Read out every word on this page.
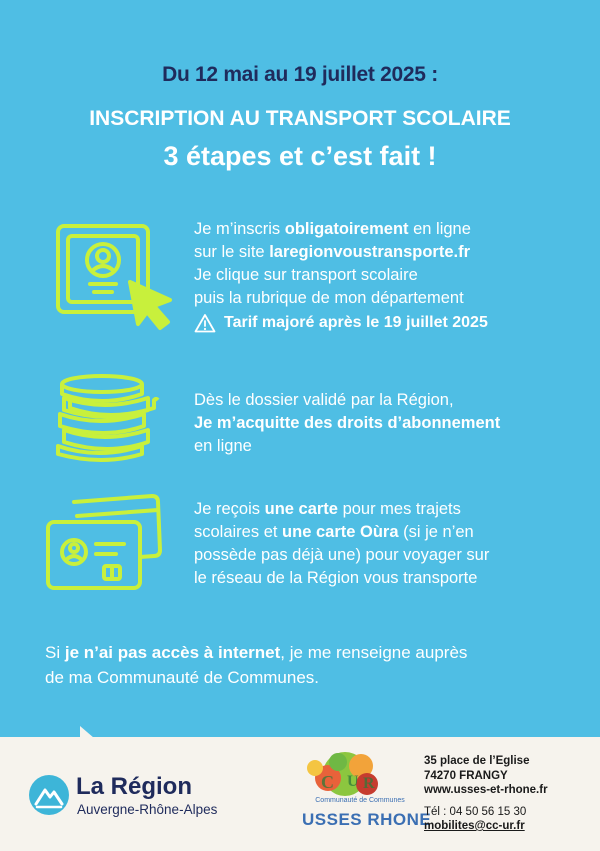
Du 12 mai au 19 juillet 2025 :
INSCRIPTION AU TRANSPORT SCOLAIRE
3 étapes et c’est fait !
Je m’inscris obligatoirement en ligne
sur le site laregionvoustransporte.fr
Je clique sur transport scolaire
puis la rubrique de mon département
Tarif majoré après le 19 juillet 2025
Dès le dossier validé par la Région,
Je m’acquitte des droits d’abonnement
en ligne
Je reçois une carte pour mes trajets
scolaires et une carte Oùra (si je n’en
possède pas déjà une) pour voyager sur
le réseau de la Région vous transporte
Si je n’ai pas accès à internet, je me renseigne auprès
de ma Communauté de Communes.
La Région
Auvergne-Rhône-Alpes
C U R
Communauté de Communes
USSES RHONE
35 place de l’Eglise
74270 FRANGY
www.usses-et-rhone.fr
Tél : 04 50 56 15 30
mobilites@cc-ur.fr
